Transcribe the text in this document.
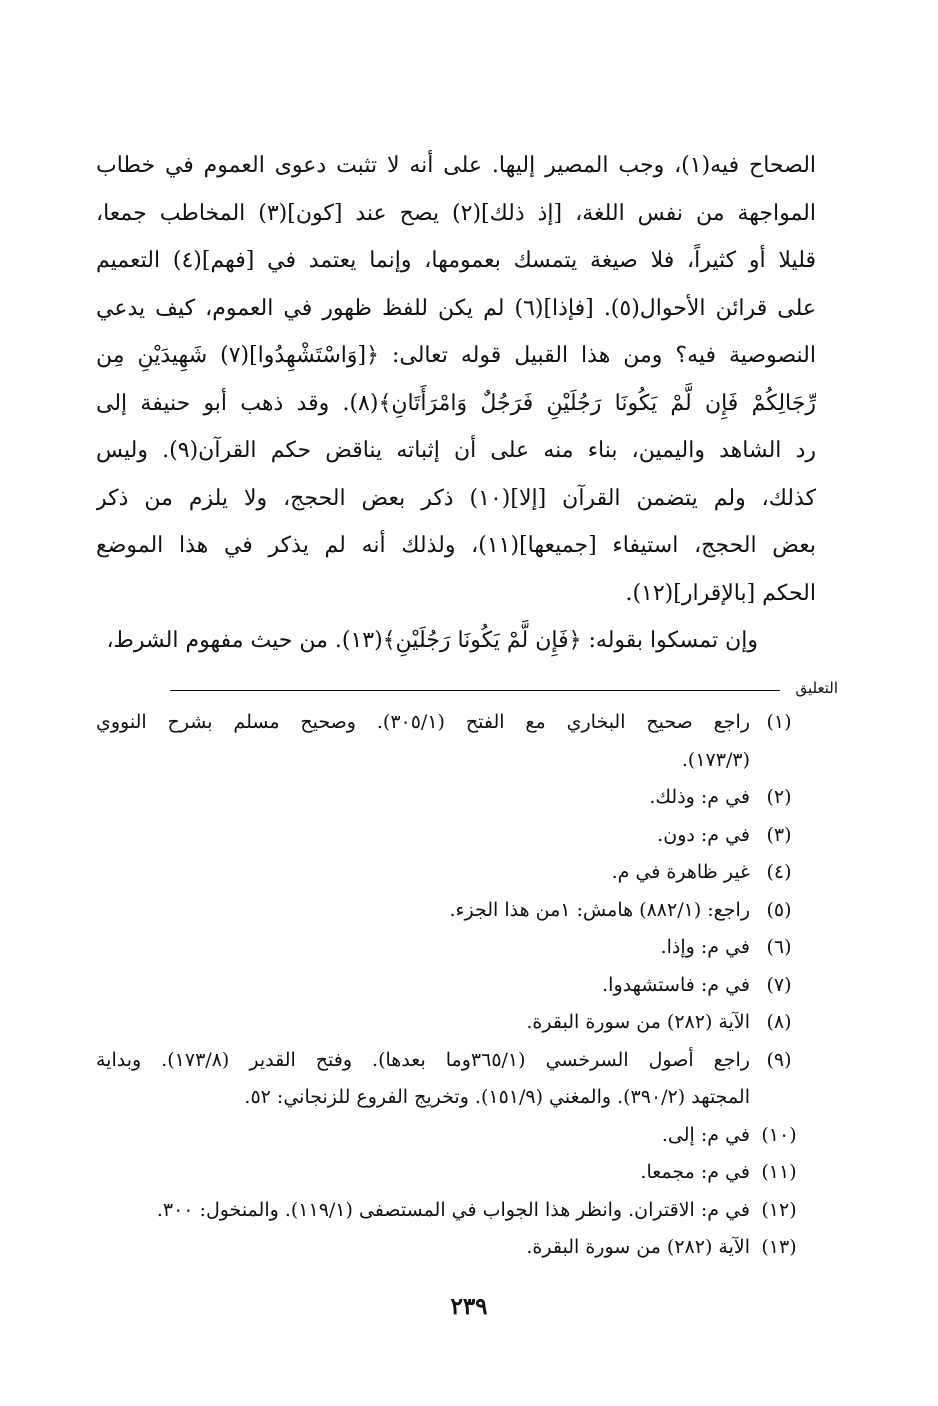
الصحاح فيه(١)، وجب المصير إليها. على أنه لا تثبت دعوى العموم في خطاب
المواجهة من نفس اللغة، [إذ ذلك](٢) يصح عند [كون](٣) المخاطب جمعا،
قليلا أو كثيراً، فلا صيغة يتمسك بعمومها، وإنما يعتمد في [فهم](٤) التعميم
على قرائن الأحوال(٥). [فإذا](٦) لم يكن للفظ ظهور في العموم، كيف يدعي
النصوصية فيه؟ ومن هذا القبيل قوله تعالى: ﴿[وَاسْتَشْهِدُوا](٧) شَهِيدَيْنِ مِن
رِّجَالِكُمْ فَإِن لَّمْ يَكُونَا رَجُلَيْنِ فَرَجُلٌ وَامْرَأَتَانِ﴾(٨). وقد ذهب أبو حنيفة إلى
رد الشاهد واليمين، بناء منه على أن إثباته يناقض حكم القرآن(٩). وليس
كذلك، ولم يتضمن القرآن [إلا](١٠) ذكر بعض الحجج، ولا يلزم من ذكر
بعض الحجج، استيفاء [جميعها](١١)، ولذلك أنه لم يذكر في هذا الموضع
الحكم [بالإقرار](١٢).
وإن تمسكوا بقوله: ﴿فَإِن لَّمْ يَكُونَا رَجُلَيْنِ﴾(١٣). من حيث مفهوم الشرط،
التعليق
(١)
راجع صحيح البخاري مع الفتح (٣٠٥/١). وصحيح مسلم بشرح النووي
(١٧٣/٣).
(٢)
في م: وذلك.
(٣)
في م: دون.
(٤)
غير ظاهرة في م.
(٥)
راجع: (٨٨٢/١) هامش: ١من هذا الجزء.
(٦)
في م: وإذا.
(٧)
في م: فاستشهدوا.
(٨)
الآية (٢٨٢) من سورة البقرة.
(٩)
راجع أصول السرخسي (٣٦٥/١وما بعدها). وفتح القدير (١٧٣/٨). وبداية
المجتهد (٣٩٠/٢). والمغني (١٥١/٩). وتخريج الفروع للزنجاني: ٥٢.
(١٠)
في م: إلى.
(١١)
في م: مجمعا.
(١٢)
في م: الاقتران. وانظر هذا الجواب في المستصفى (١١٩/١). والمنخول: ٣٠٠.
(١٣)
الآية (٢٨٢) من سورة البقرة.
٢٣٩
